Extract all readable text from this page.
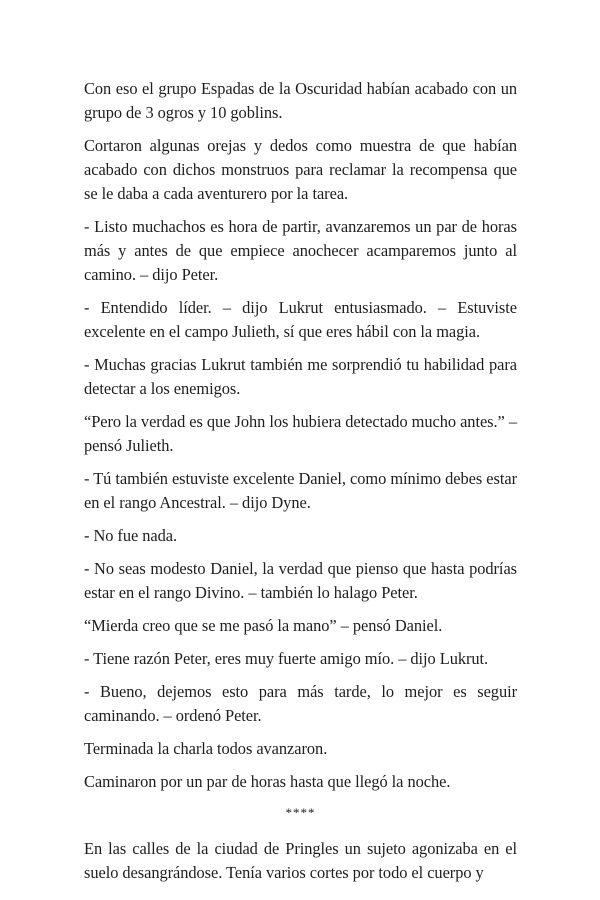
Con eso el grupo Espadas de la Oscuridad habían acabado con un grupo de 3 ogros y 10 goblins.

Cortaron algunas orejas y dedos como muestra de que habían acabado con dichos monstruos para reclamar la recompensa que se le daba a cada aventurero por la tarea.

- Listo muchachos es hora de partir, avanzaremos un par de horas más y antes de que empiece anochecer acamparemos junto al camino. – dijo Peter.

- Entendido líder. – dijo Lukrut entusiasmado. – Estuviste excelente en el campo Julieth, sí que eres hábil con la magia.

- Muchas gracias Lukrut también me sorprendió tu habilidad para detectar a los enemigos.

“Pero la verdad es que John los hubiera detectado mucho antes.” – pensó Julieth.

- Tú también estuviste excelente Daniel, como mínimo debes estar en el rango Ancestral. – dijo Dyne.

- No fue nada.

- No seas modesto Daniel, la verdad que pienso que hasta podrías estar en el rango Divino. – también lo halago Peter.

“Mierda creo que se me pasó la mano” – pensó Daniel.

- Tiene razón Peter, eres muy fuerte amigo mío. – dijo Lukrut.

- Bueno, dejemos esto para más tarde, lo mejor es seguir caminando. – ordenó Peter.

Terminada la charla todos avanzaron.

Caminaron por un par de horas hasta que llegó la noche.

****

En las calles de la ciudad de Pringles un sujeto agonizaba en el suelo desangrándose. Tenía varios cortes por todo el cuerpo y
